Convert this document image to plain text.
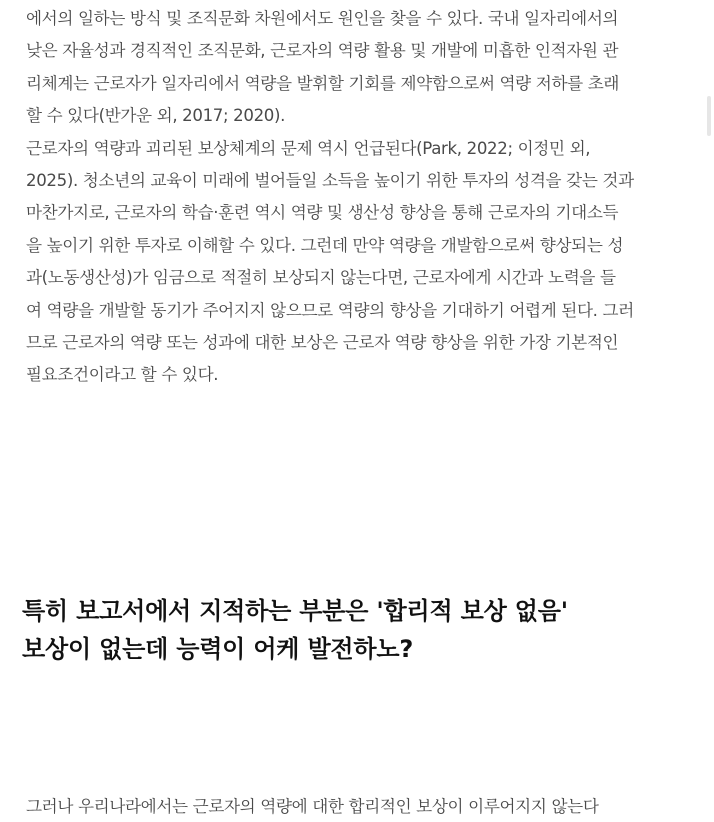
에서의 일하는 방식 및 조직문화 차원에서도 원인을 찾을 수 있다. 국내 일자리에서의
낮은 자율성과 경직적인 조직문화, 근로자의 역량 활용 및 개발에 미흡한 인적자원 관
리체계는 근로자가 일자리에서 역량을 발휘할 기회를 제약함으로써 역량 저하를 초래
할 수 있다(반가운 외, 2017; 2020).
근로자의 역량과 괴리된 보상체계의 문제 역시 언급된다(Park, 2022; 이정민 외,
2025). 청소년의 교육이 미래에 벌어들일 소득을 높이기 위한 투자의 성격을 갖는 것과
마찬가지로, 근로자의 학습·훈련 역시 역량 및 생산성 향상을 통해 근로자의 기대소득
을 높이기 위한 투자로 이해할 수 있다. 그런데 만약 역량을 개발함으로써 향상되는 성
과(노동생산성)가 임금으로 적절히 보상되지 않는다면, 근로자에게 시간과 노력을 들
여 역량을 개발할 동기가 주어지지 않으므로 역량의 향상을 기대하기 어렵게 된다. 그러
므로 근로자의 역량 또는 성과에 대한 보상은 근로자 역량 향상을 위한 가장 기본적인
필요조건이라고 할 수 있다.
특히 보고서에서 지적하는 부분은 '합리적 보상 없음'
보상이 없는데 능력이 어케 발전하노?
그러나 우리나라에서는 근로자의 역량에 대한 합리적인 보상이 이루어지지 않는다
